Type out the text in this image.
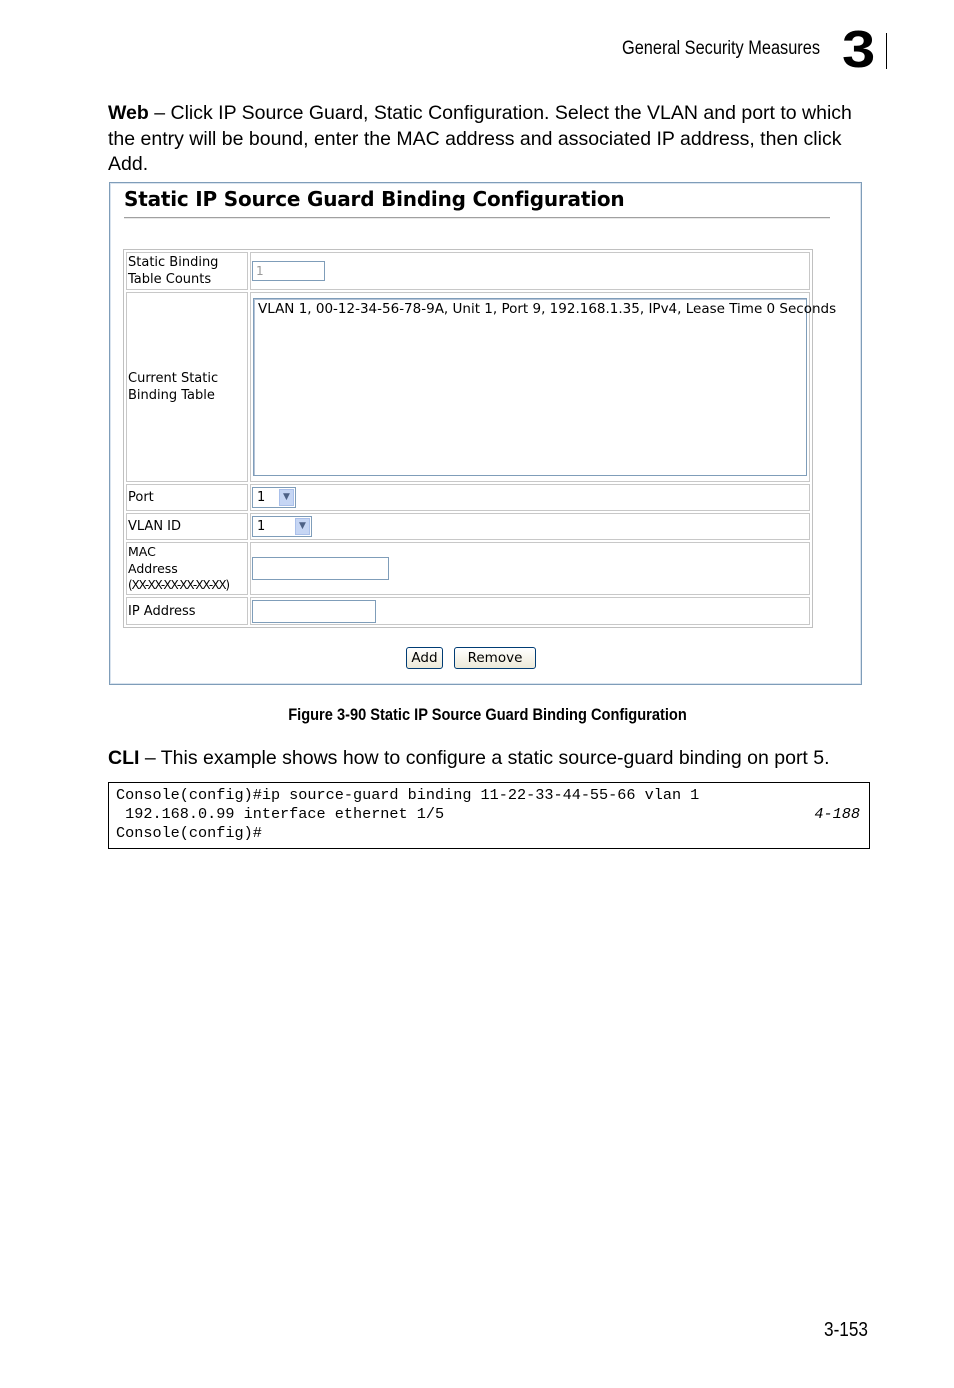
General Security Measures 3
Web – Click IP Source Guard, Static Configuration. Select the VLAN and port to which the entry will be bound, enter the MAC address and associated IP address, then click Add.
Static IP Source Guard Binding Configuration
Static Binding Table Counts	1
Current Static Binding Table	VLAN 1, 00-12-34-56-78-9A, Unit 1, Port 9, 192.168.1.35, IPv4, Lease Time 0 Seconds

Port	1 ▼

VLAN ID	1 ▼

MAC
Address
(XX-XX-XX-XX-XX-XX)	

IP Address	
Add	Remove
Figure 3-90 Static IP Source Guard Binding Configuration
CLI – This example shows how to configure a static source-guard binding on port 5.
Console(config)#ip source-guard binding 11-22-33-44-55-66 vlan 1
192.168.0.99 interface ethernet 1/5
Console(config)#
4-188
3-153
